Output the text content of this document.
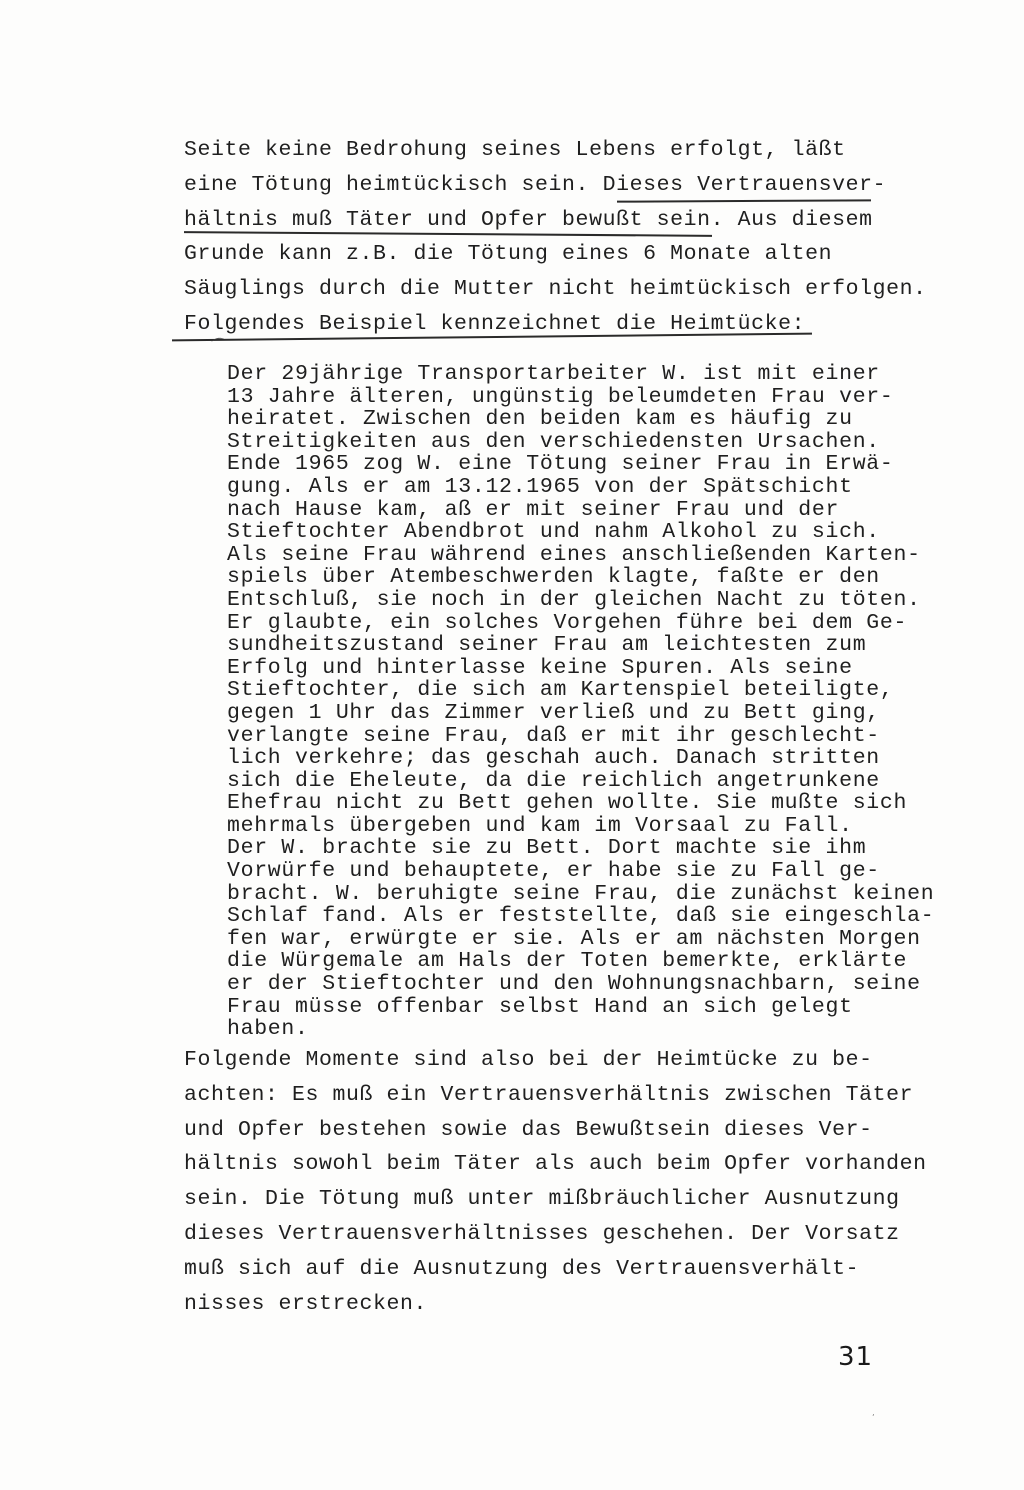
Seite keine Bedrohung seines Lebens erfolgt, läßt
eine Tötung heimtückisch sein. Dieses Vertrauensver-
hältnis muß Täter und Opfer bewußt sein. Aus diesem
Grunde kann z.B. die Tötung eines 6 Monate alten
Säuglings durch die Mutter nicht heimtückisch erfolgen.
Folgendes Beispiel kennzeichnet die Heimtücke:
⌒
Der 29jährige Transportarbeiter W. ist mit einer
13 Jahre älteren, ungünstig beleumdeten Frau ver-
heiratet. Zwischen den beiden kam es häufig zu
Streitigkeiten aus den verschiedensten Ursachen.
Ende 1965 zog W. eine Tötung seiner Frau in Erwä-
gung. Als er am 13.12.1965 von der Spätschicht
nach Hause kam, aß er mit seiner Frau und der
Stieftochter Abendbrot und nahm Alkohol zu sich.
Als seine Frau während eines anschließenden Karten-
spiels über Atembeschwerden klagte, faßte er den
Entschluß, sie noch in der gleichen Nacht zu töten.
Er glaubte, ein solches Vorgehen führe bei dem Ge-
sundheitszustand seiner Frau am leichtesten zum
Erfolg und hinterlasse keine Spuren. Als seine
Stieftochter, die sich am Kartenspiel beteiligte,
gegen 1 Uhr das Zimmer verließ und zu Bett ging,
verlangte seine Frau, daß er mit ihr geschlecht-
lich verkehre; das geschah auch. Danach stritten
sich die Eheleute, da die reichlich angetrunkene
Ehefrau nicht zu Bett gehen wollte. Sie mußte sich
mehrmals übergeben und kam im Vorsaal zu Fall.
Der W. brachte sie zu Bett. Dort machte sie ihm
Vorwürfe und behauptete, er habe sie zu Fall ge-
bracht. W. beruhigte seine Frau, die zunächst keinen
Schlaf fand. Als er feststellte, daß sie eingeschla-
fen war, erwürgte er sie. Als er am nächsten Morgen
die Würgemale am Hals der Toten bemerkte, erklärte
er der Stieftochter und den Wohnungsnachbarn, seine
Frau müsse offenbar selbst Hand an sich gelegt
haben.
Folgende Momente sind also bei der Heimtücke zu be-
achten: Es muß ein Vertrauensverhältnis zwischen Täter
und Opfer bestehen sowie das Bewußtsein dieses Ver-
hältnis sowohl beim Täter als auch beim Opfer vorhanden
sein. Die Tötung muß unter mißbräuchlicher Ausnutzung
dieses Vertrauensverhältnisses geschehen. Der Vorsatz
muß sich auf die Ausnutzung des Vertrauensverhält-
nisses erstrecken.
31
‚
